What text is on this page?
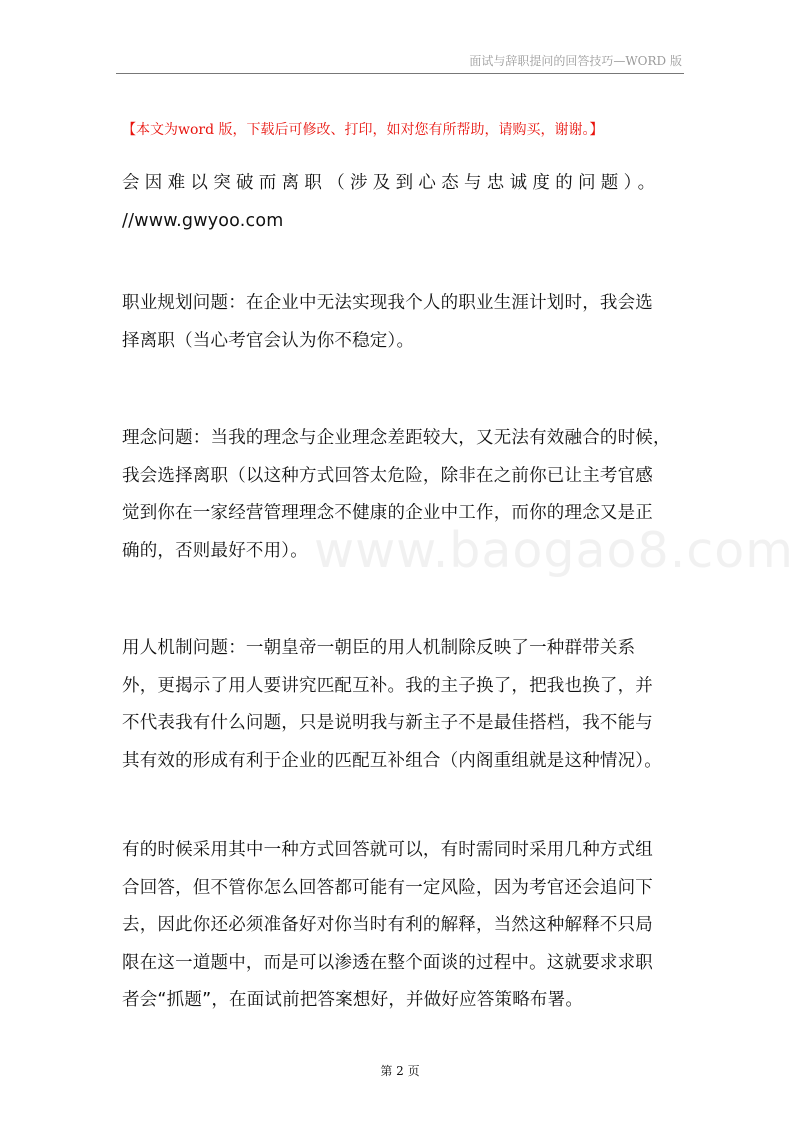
面试与辞职提问的回答技巧—WORD 版
【本文为word 版，下载后可修改、打印，如对您有所帮助，请购买，谢谢。】
会因难以突破而离职（涉及到心态与忠诚度的问题）。
//www.gwyoo.com
职业规划问题：在企业中无法实现我个人的职业生涯计划时，我会选
择离职（当心考官会认为你不稳定）。
理念问题：当我的理念与企业理念差距较大，又无法有效融合的时候，
我会选择离职（以这种方式回答太危险，除非在之前你已让主考官感
觉到你在一家经营管理理念不健康的企业中工作，而你的理念又是正
确的，否则最好不用）。
用人机制问题：一朝皇帝一朝臣的用人机制除反映了一种群带关系
外，更揭示了用人要讲究匹配互补。我的主子换了，把我也换了，并
不代表我有什么问题，只是说明我与新主子不是最佳搭档，我不能与
其有效的形成有利于企业的匹配互补组合（内阁重组就是这种情况）。
有的时候采用其中一种方式回答就可以，有时需同时采用几种方式组
合回答，但不管你怎么回答都可能有一定风险，因为考官还会追问下
去，因此你还必须准备好对你当时有利的解释，当然这种解释不只局
限在这一道题中，而是可以渗透在整个面谈的过程中。这就要求求职
者会“抓题”，在面试前把答案想好，并做好应答策略布署。
www.baogao8.com
第 2 页
